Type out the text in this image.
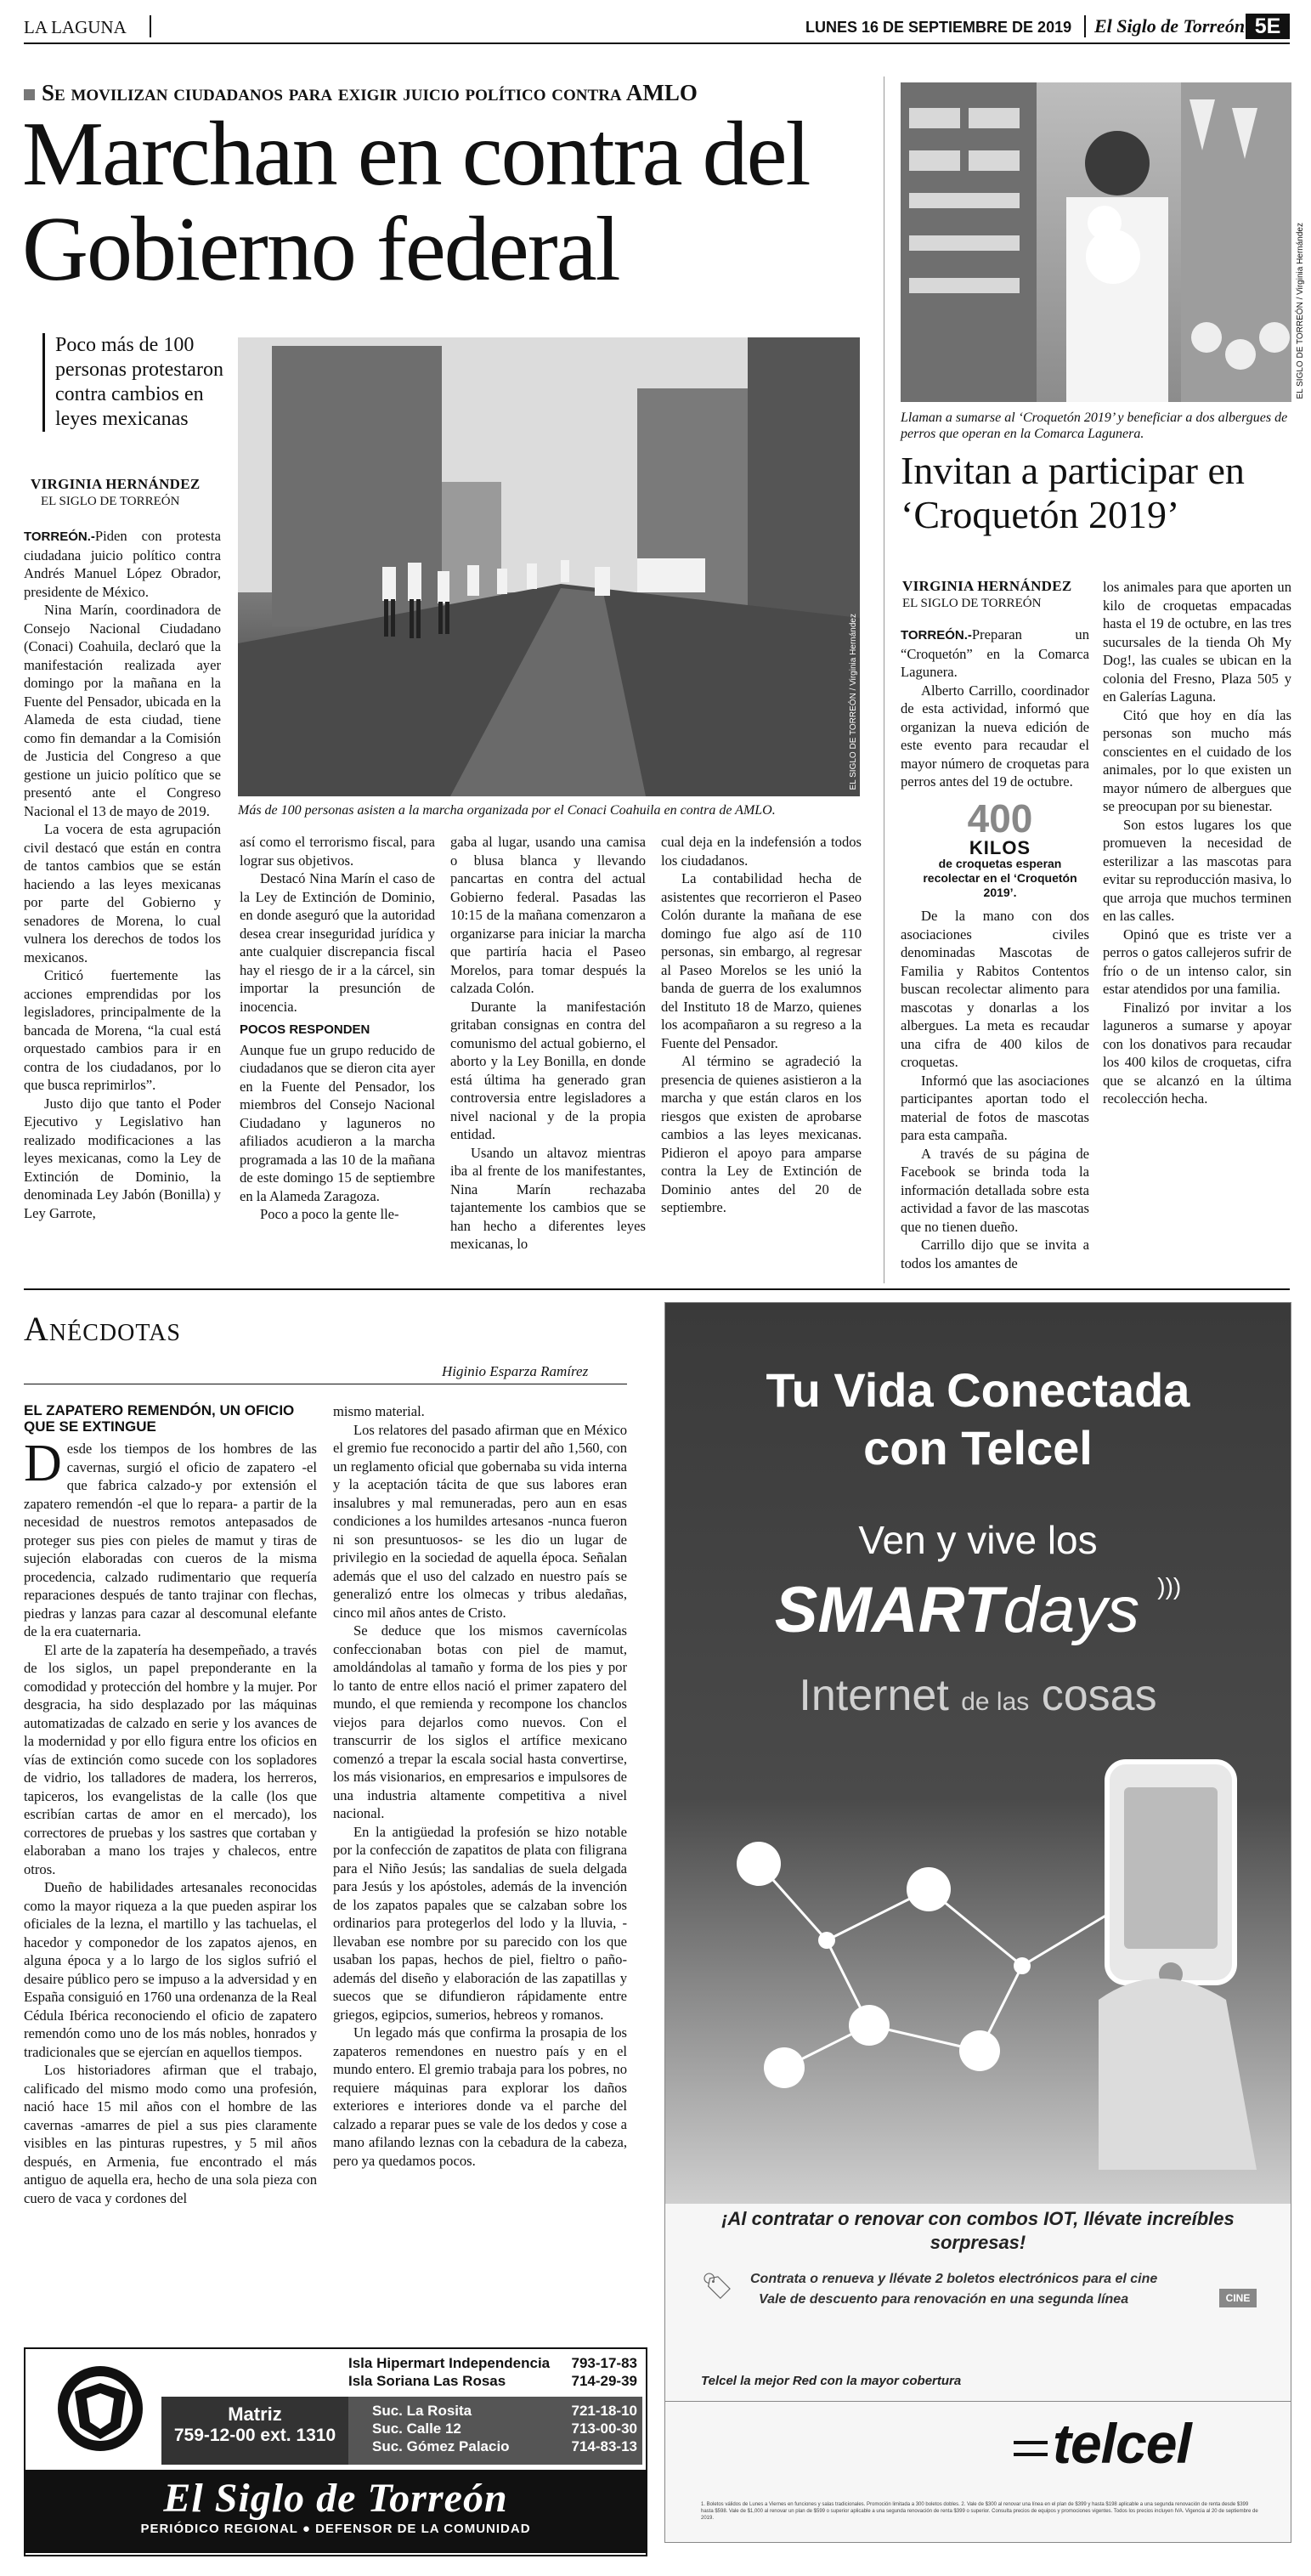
LA LAGUNA	LUNES 16 DE SEPTIEMBRE DE 2019 El Siglo de Torreón 5E
Se movilizan ciudadanos para exigir juicio político contra AMLO
Marchan en contra del Gobierno federal
Poco más de 100 personas protestaron contra cambios en leyes mexicanas
VIRGINIA HERNÁNDEZ
EL SIGLO DE TORREÓN
EL SIGLO DE TORREÓN / Virginia Hernández
Más de 100 personas asisten a la marcha organizada por el Conaci Coahuila en contra de AMLO.

TORREÓN.-Piden con protesta ciudadana juicio político contra Andrés Manuel López Obrador, presidente de México.

Nina Marín, coordinadora de Consejo Nacional Ciudadano (Conaci) Coahuila, declaró que la manifestación realizada ayer domingo por la mañana en la Fuente del Pensador, ubicada en la Alameda de esta ciudad, tiene como fin demandar a la Comisión de Justicia del Congreso a que gestione un juicio político que se presentó ante el Congreso Nacional el 13 de mayo de 2019.

La vocera de esta agrupación civil destacó que están en contra de tantos cambios que se están haciendo a las leyes mexicanas por parte del Gobierno y senadores de Morena, lo cual vulnera los derechos de todos los mexicanos.

Criticó fuertemente las acciones emprendidas por los legisladores, principalmente de la bancada de Morena, “la cual está orquestado cambios para ir en contra de los ciudadanos, por lo que busca reprimirlos”.

Justo dijo que tanto el Poder Ejecutivo y Legislativo han realizado modificaciones a las leyes mexicanas, como la Ley de Extinción de Dominio, la denominada Ley Jabón (Bonilla) y Ley Garrote,

así como el terrorismo fiscal, para lograr sus objetivos.

Destacó Nina Marín el caso de la Ley de Extinción de Dominio, en donde aseguró que la autoridad desea crear inseguridad jurídica y ante cualquier discrepancia fiscal hay el riesgo de ir a la cárcel, sin importar la presunción de inocencia.

POCOS RESPONDEN

Aunque fue un grupo reducido de ciudadanos que se dieron cita ayer en la Fuente del Pensador, los miembros del Consejo Nacional Ciudadano y laguneros no afiliados acudieron a la marcha programada a las 10 de la mañana de este domingo 15 de septiembre en la Alameda Zaragoza.

Poco a poco la gente lle-

gaba al lugar, usando una camisa o blusa blanca y llevando pancartas en contra del actual Gobierno federal. Pasadas las 10:15 de la mañana comenzaron a organizarse para iniciar la marcha que partiría hacia el Paseo Morelos, para tomar después la calzada Colón.

Durante la manifestación gritaban consignas en contra del comunismo del actual gobierno, el aborto y la Ley Bonilla, en donde está última ha generado gran controversia entre legisladores a nivel nacional y de la propia entidad.

Usando un altavoz mientras iba al frente de los manifestantes, Nina Marín rechazaba tajantemente los cambios que se han hecho a diferentes leyes mexicanas, lo

cual deja en la indefensión a todos los ciudadanos.

La contabilidad hecha de asistentes que recorrieron el Paseo Colón durante la mañana de ese domingo fue algo así de 110 personas, sin embargo, al regresar al Paseo Morelos se les unió la banda de guerra de los exalumnos del Instituto 18 de Marzo, quienes los acompañaron a su regreso a la Fuente del Pensador.

Al término se agradeció la presencia de quienes asistieron a la marcha y que están claros en los riesgos que existen de aprobarse cambios a las leyes mexicanas. Pidieron el apoyo para amparse contra la Ley de Extinción de Dominio antes del 20 de septiembre.

EL SIGLO DE TORREÓN / Virginia Hernández
Llaman a sumarse al ‘Croquetón 2019’ y beneficiar a dos albergues de perros que operan en la Comarca Lagunera.
Invitan a participar en ‘Croquetón 2019’
VIRGINIA HERNÁNDEZ
EL SIGLO DE TORREÓN

TORREÓN.-Preparan un “Croquetón” en la Comarca Lagunera.

Alberto Carrillo, coordinador de esta actividad, informó que organizan la nueva edición de este evento para recaudar el mayor número de croquetas para perros antes del 19 de octubre.

400
KILOS
de croquetas esperan recolectar en el ‘Croquetón 2019’.

De la mano con dos asociaciones civiles denominadas Mascotas de Familia y Rabitos Contentos buscan recolectar alimento para mascotas y donarlas a los albergues. La meta es recaudar una cifra de 400 kilos de croquetas.

Informó que las asociaciones participantes aportan todo el material de fotos de mascotas para esta campaña.

A través de su página de Facebook se brinda toda la información detallada sobre esta actividad a favor de las mascotas que no tienen dueño.

Carrillo dijo que se invita a todos los amantes de

los animales para que aporten un kilo de croquetas empacadas hasta el 19 de octubre, en las tres sucursales de la tienda Oh My Dog!, las cuales se ubican en la colonia del Fresno, Plaza 505 y en Galerías Laguna.

Citó que hoy en día las personas son mucho más conscientes en el cuidado de los animales, por lo que existen un mayor número de albergues que se preocupan por su bienestar.

Son estos lugares los que promueven la necesidad de esterilizar a las mascotas para evitar su reproducción masiva, lo que arroja que muchos terminen en las calles.

Opinó que es triste ver a perros o gatos callejeros sufrir de frío o de un intenso calor, sin estar atendidos por una familia.

Finalizó por invitar a los laguneros a sumarse y apoyar con los donativos para recaudar los 400 kilos de croquetas, cifra que se alcanzó en la última recolección hecha.

Anécdotas
Higinio Esparza Ramírez
EL ZAPATERO REMENDÓN, UN OFICIO QUE SE EXTINGUE

Desde los tiempos de los hombres de las cavernas, surgió el oficio de zapatero -el que fabrica calzado-y por extensión el zapatero remendón -el que lo repara- a partir de la necesidad de nuestros remotos antepasados de proteger sus pies con pieles de mamut y tiras de sujeción elaboradas con cueros de la misma procedencia, calzado rudimentario que requería reparaciones después de tanto trajinar con flechas, piedras y lanzas para cazar al descomunal elefante de la era cuaternaria.

El arte de la zapatería ha desempeñado, a través de los siglos, un papel preponderante en la comodidad y protección del hombre y la mujer. Por desgracia, ha sido desplazado por las máquinas automatizadas de calzado en serie y los avances de la modernidad y por ello figura entre los oficios en vías de extinción como sucede con los sopladores de vidrio, los talladores de madera, los herreros, tapiceros, los evangelistas de la calle (los que escribían cartas de amor en el mercado), los correctores de pruebas y los sastres que cortaban y elaboraban a mano los trajes y chalecos, entre otros.

Dueño de habilidades artesanales reconocidas como la mayor riqueza a la que pueden aspirar los oficiales de la lezna, el martillo y las tachuelas, el hacedor y componedor de los zapatos ajenos, en alguna época y a lo largo de los siglos sufrió el desaire público pero se impuso a la adversidad y en España consiguió en 1760 una ordenanza de la Real Cédula Ibérica reconociendo el oficio de zapatero remendón como uno de los más nobles, honrados y tradicionales que se ejercían en aquellos tiempos.

Los historiadores afirman que el trabajo, calificado del mismo modo como una profesión, nació hace 15 mil años con el hombre de las cavernas -amarres de piel a sus pies claramente visibles en las pinturas rupestres, y 5 mil años después, en Armenia, fue encontrado el más antiguo de aquella era, hecho de una sola pieza con cuero de vaca y cordones del

mismo material.

Los relatores del pasado afirman que en México el gremio fue reconocido a partir del año 1,560, con un reglamento oficial que gobernaba su vida interna y la aceptación tácita de que sus labores eran insalubres y mal remuneradas, pero aun en esas condiciones a los humildes artesanos -nunca fueron ni son presuntuosos- se les dio un lugar de privilegio en la sociedad de aquella época. Señalan además que el uso del calzado en nuestro país se generalizó entre los olmecas y tribus aledañas, cinco mil años antes de Cristo.

Se deduce que los mismos cavernícolas confeccionaban botas con piel de mamut, amoldándolas al tamaño y forma de los pies y por lo tanto de entre ellos nació el primer zapatero del mundo, el que remienda y recompone los chanclos viejos para dejarlos como nuevos. Con el transcurrir de los siglos el artífice mexicano comenzó a trepar la escala social hasta convertirse, los más visionarios, en empresarios e impulsores de una industria altamente competitiva a nivel nacional.

En la antigüedad la profesión se hizo notable por la confección de zapatitos de plata con filigrana para el Niño Jesús; las sandalias de suela delgada para Jesús y los apóstoles, además de la invención de los zapatos papales que se calzaban sobre los ordinarios para protegerlos del lodo y la lluvia, -llevaban ese nombre por su parecido con los que usaban los papas, hechos de piel, fieltro o paño- además del diseño y elaboración de las zapatillas y suecos que se difundieron rápidamente entre griegos, egipcios, sumerios, hebreos y romanos.

Un legado más que confirma la prosapia de los zapateros remendones en nuestro país y en el mundo entero. El gremio trabaja para los pobres, no requiere máquinas para explorar los daños exteriores e interiores donde va el parche del calzado a reparar pues se vale de los dedos y cose a mano afilando leznas con la cebadura de la cabeza, pero ya quedamos pocos.

Tu Vida Conectada
con Telcel
Ven y vive los
SMARTdays )))
Internet de las cosas
¡Al contratar o renovar con combos IOT, llévate increíbles sorpresas!
🏷 Contrata o renueva y llévate 2 boletos electrónicos para el cine
Vale de descuento para renovación en una segunda línea	CINE
Telcel la mejor Red con la mayor cobertura
telcel
1. Boletos válidos de Lunes a Viernes en funciones y salas tradicionales. Promoción limitada a 300 boletos dobles. 2. Vale de $300 al renovar una línea en el plan de $399 y hasta $198 aplicable a una segunda renovación de renta desde $399 hasta $598. Vale de $1,000 al renovar un plan de $599 o superior aplicable a una segunda renovación de renta $399 o superior. Consulta precios de equipos y promociones vigentes. Todos los precios incluyen IVA. Vigencia al 20 de septiembre de 2019.
Isla Hipermart Independencia 793-17-83
Isla Soriana Las Rosas	714-29-39
Matriz
759-12-00 ext. 1310
Suc. La Rosita	721-18-10
Suc. Calle 12	713-00-30
Suc. Gómez Palacio	714-83-13
El Siglo de Torreón
PERIÓDICO REGIONAL ● DEFENSOR DE LA COMUNIDAD
